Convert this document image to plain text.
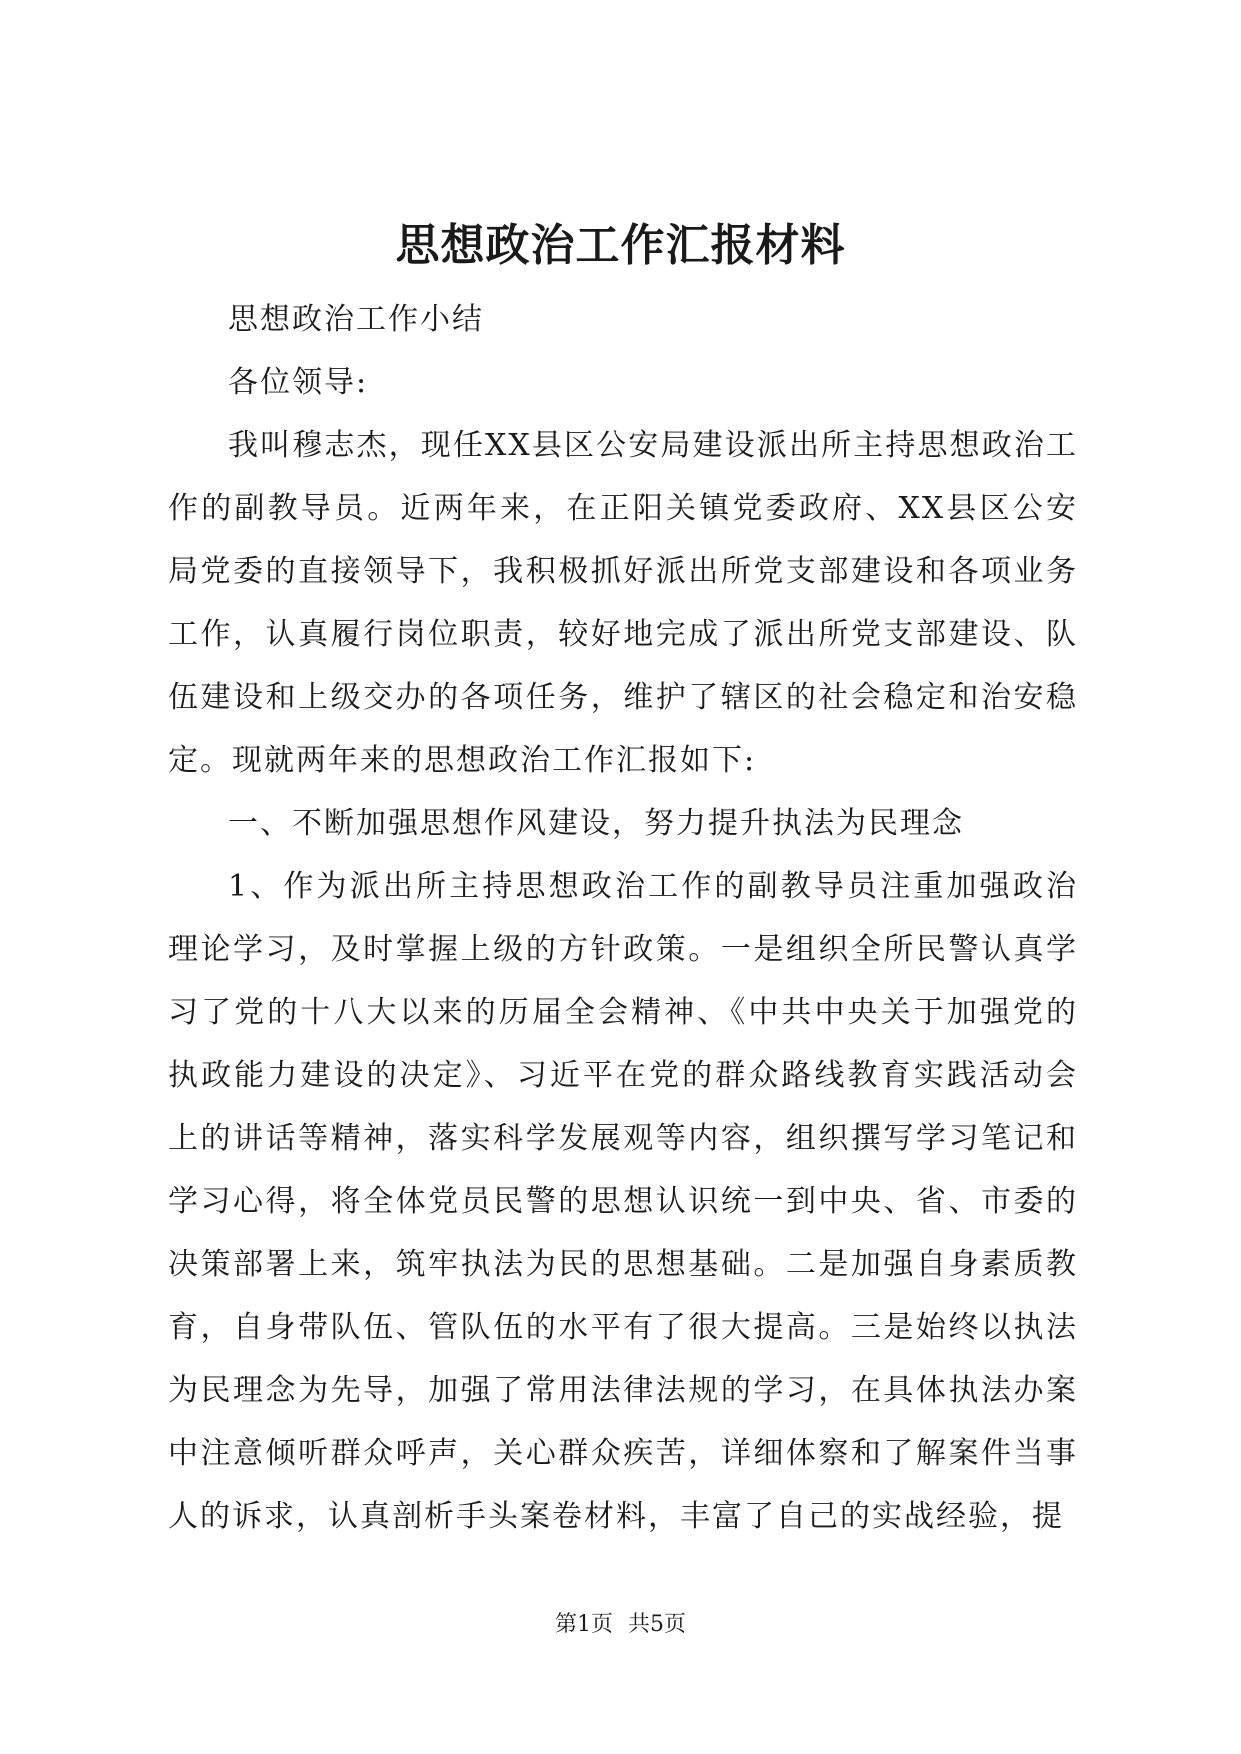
思想政治工作汇报材料

思想政治工作小结

各位领导:

我叫穆志杰，现任XX县区公安局建设派出所主持思想政治工作的副教导员。近两年来，在正阳关镇党委政府、XX县区公安局党委的直接领导下，我积极抓好派出所党支部建设和各项业务工作，认真履行岗位职责，较好地完成了派出所党支部建设、队伍建设和上级交办的各项任务，维护了辖区的社会稳定和治安稳定。现就两年来的思想政治工作汇报如下:

一、不断加强思想作风建设，努力提升执法为民理念

1、作为派出所主持思想政治工作的副教导员注重加强政治理论学习，及时掌握上级的方针政策。一是组织全所民警认真学习了党的十八大以来的历届全会精神、《中共中央关于加强党的执政能力建设的决定》、习近平在党的群众路线教育实践活动会上的讲话等精神，落实科学发展观等内容，组织撰写学习笔记和学习心得，将全体党员民警的思想认识统一到中央、省、市委的决策部署上来，筑牢执法为民的思想基础。二是加强自身素质教育，自身带队伍、管队伍的水平有了很大提高。三是始终以执法为民理念为先导，加强了常用法律法规的学习，在具体执法办案中注意倾听群众呼声，关心群众疾苦，详细体察和了解案件当事人的诉求，认真剖析手头案卷材料，丰富了自己的实战经验，提

第1页 共5页
